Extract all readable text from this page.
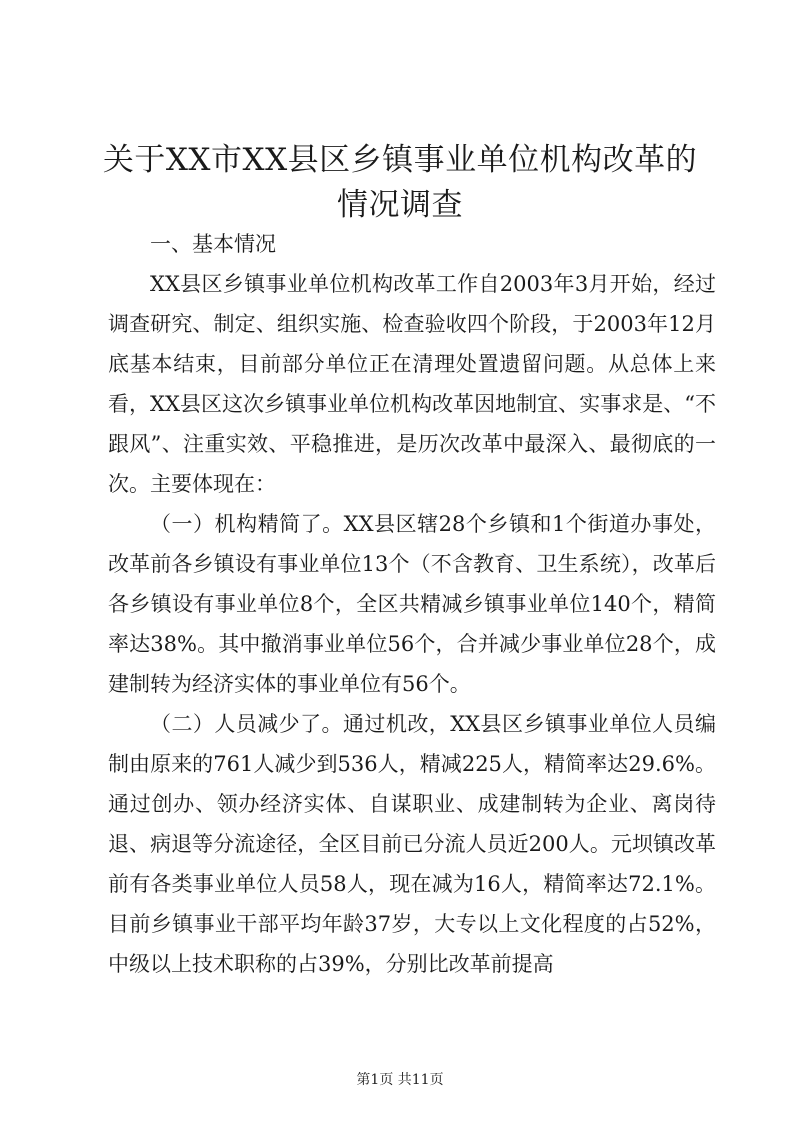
关于XX市XX县区乡镇事业单位机构改革的情况调查

一、基本情况

XX县区乡镇事业单位机构改革工作自2003年3月开始，经过调查研究、制定、组织实施、检查验收四个阶段，于2003年12月底基本结束，目前部分单位正在清理处置遗留问题。从总体上来看，XX县区这次乡镇事业单位机构改革因地制宜、实事求是、“不跟风”、注重实效、平稳推进，是历次改革中最深入、最彻底的一次。主要体现在：

（一）机构精简了。XX县区辖28个乡镇和1个街道办事处，改革前各乡镇设有事业单位13个（不含教育、卫生系统），改革后各乡镇设有事业单位8个，全区共精减乡镇事业单位140个，精简率达38%。其中撤消事业单位56个，合并减少事业单位28个，成建制转为经济实体的事业单位有56个。

（二）人员减少了。通过机改，XX县区乡镇事业单位人员编制由原来的761人减少到536人，精减225人，精简率达29.6%。通过创办、领办经济实体、自谋职业、成建制转为企业、离岗待退、病退等分流途径，全区目前已分流人员近200人。元坝镇改革前有各类事业单位人员58人，现在减为16人，精简率达72.1%。目前乡镇事业干部平均年龄37岁，大专以上文化程度的占52%，中级以上技术职称的占39%，分别比改革前提高

第1页 共11页
